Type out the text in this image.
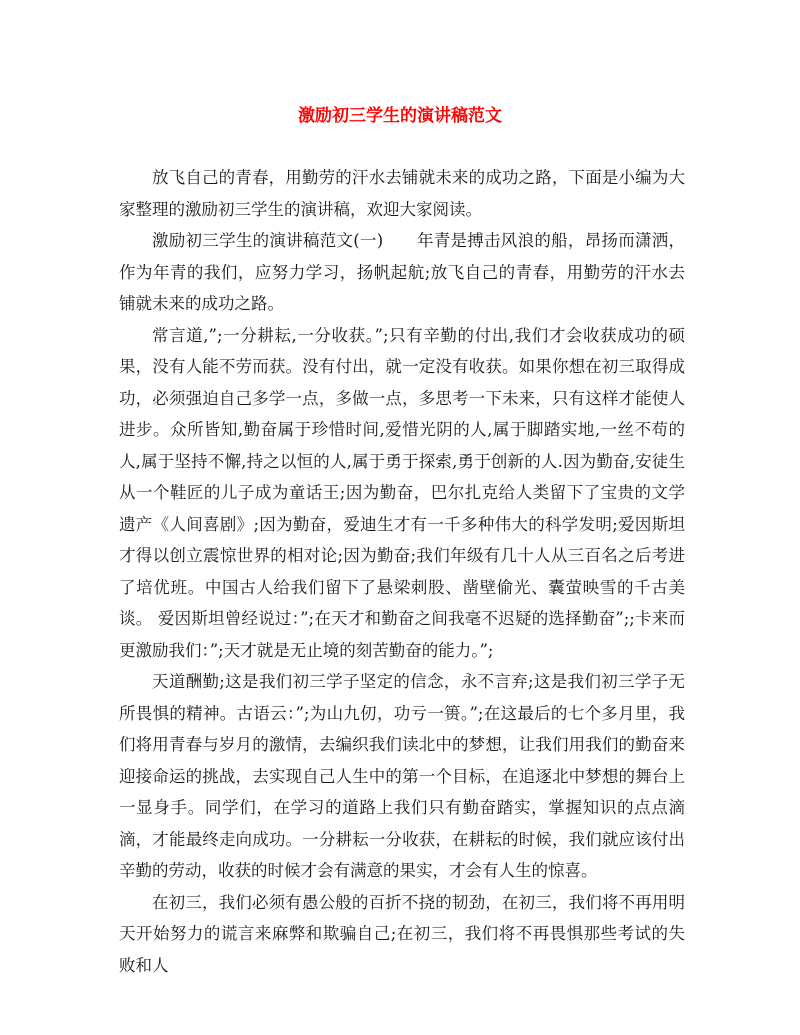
激励初三学生的演讲稿范文

放飞自己的青春，用勤劳的汗水去铺就未来的成功之路，下面是小编为大家整理的激励初三学生的演讲稿，欢迎大家阅读。

激励初三学生的演讲稿范文(一)　　年青是搏击风浪的船，昂扬而潇洒，作为年青的我们，应努力学习，扬帆起航;放飞自己的青春，用勤劳的汗水去铺就未来的成功之路。

常言道,”;一分耕耘,一分收获。”;只有辛勤的付出,我们才会收获成功的硕果，没有人能不劳而获。没有付出，就一定没有收获。如果你想在初三取得成功，必须强迫自己多学一点，多做一点，多思考一下未来，只有这样才能使人进步。众所皆知,勤奋属于珍惜时间,爱惜光阴的人,属于脚踏实地,一丝不苟的人,属于坚持不懈,持之以恒的人,属于勇于探索,勇于创新的人.因为勤奋,安徒生从一个鞋匠的儿子成为童话王;因为勤奋，巴尔扎克给人类留下了宝贵的文学遗产《人间喜剧》;因为勤奋，爱迪生才有一千多种伟大的科学发明;爱因斯坦才得以创立震惊世界的相对论;因为勤奋;我们年级有几十人从三百名之后考进了培优班。中国古人给我们留下了悬梁刺股、凿壁偷光、囊萤映雪的千古美谈。 爱因斯坦曾经说过：”;在天才和勤奋之间我毫不迟疑的选择勤奋”;;卡来而更激励我们：”;天才就是无止境的刻苦勤奋的能力。”;

天道酬勤;这是我们初三学子坚定的信念，永不言弃;这是我们初三学子无所畏惧的精神。古语云：”;为山九仞，功亏一篑。”;在这最后的七个多月里，我们将用青春与岁月的激情，去编织我们读北中的梦想，让我们用我们的勤奋来迎接命运的挑战，去实现自己人生中的第一个目标，在追逐北中梦想的舞台上一显身手。同学们，在学习的道路上我们只有勤奋踏实，掌握知识的点点滴滴，才能最终走向成功。一分耕耘一分收获，在耕耘的时候，我们就应该付出辛勤的劳动，收获的时候才会有满意的果实，才会有人生的惊喜。

在初三，我们必须有愚公般的百折不挠的韧劲，在初三，我们将不再用明天开始努力的谎言来麻弊和欺骗自己;在初三，我们将不再畏惧那些考试的失败和人
